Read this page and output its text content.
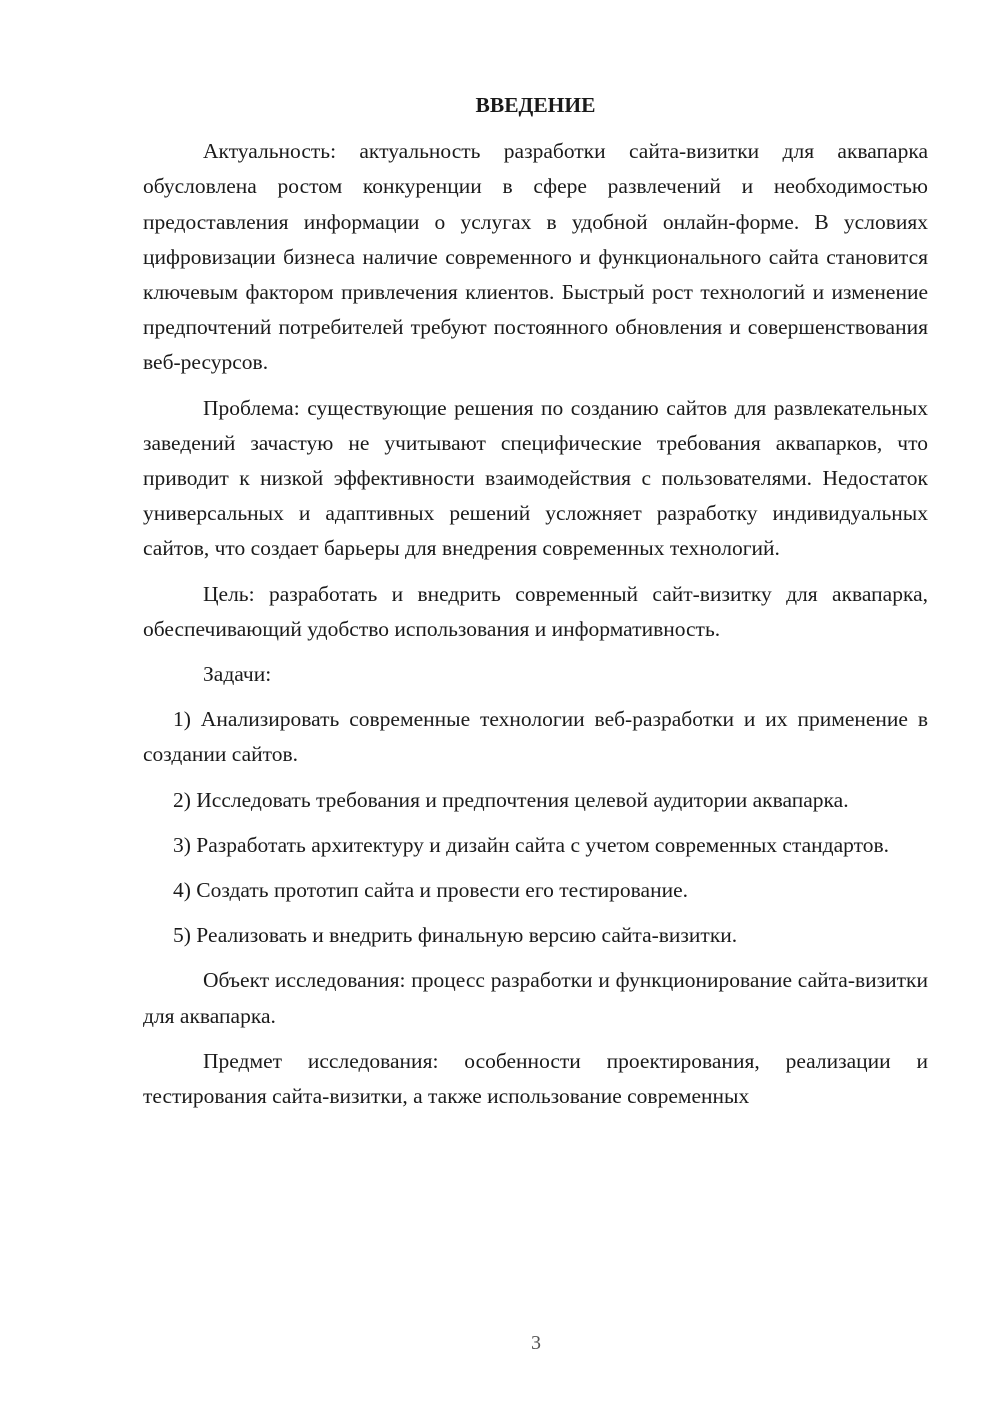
ВВЕДЕНИЕ

Актуальность: актуальность разработки сайта-визитки для аквапарка обусловлена ростом конкуренции в сфере развлечений и необходимостью предоставления информации о услугах в удобной онлайн-форме. В условиях цифровизации бизнеса наличие современного и функционального сайта становится ключевым фактором привлечения клиентов. Быстрый рост технологий и изменение предпочтений потребителей требуют постоянного обновления и совершенствования веб-ресурсов.

Проблема: существующие решения по созданию сайтов для развлекательных заведений зачастую не учитывают специфические требования аквапарков, что приводит к низкой эффективности взаимодействия с пользователями. Недостаток универсальных и адаптивных решений усложняет разработку индивидуальных сайтов, что создает барьеры для внедрения современных технологий.

Цель: разработать и внедрить современный сайт-визитку для аквапарка, обеспечивающий удобство использования и информативность.

Задачи:

1) Анализировать современные технологии веб-разработки и их применение в создании сайтов.

2) Исследовать требования и предпочтения целевой аудитории аквапарка.

3) Разработать архитектуру и дизайн сайта с учетом современных стандартов.

4) Создать прототип сайта и провести его тестирование.

5) Реализовать и внедрить финальную версию сайта-визитки.

Объект исследования: процесс разработки и функционирование сайта-визитки для аквапарка.

Предмет исследования: особенности проектирования, реализации и тестирования сайта-визитки, а также использование современных

3
